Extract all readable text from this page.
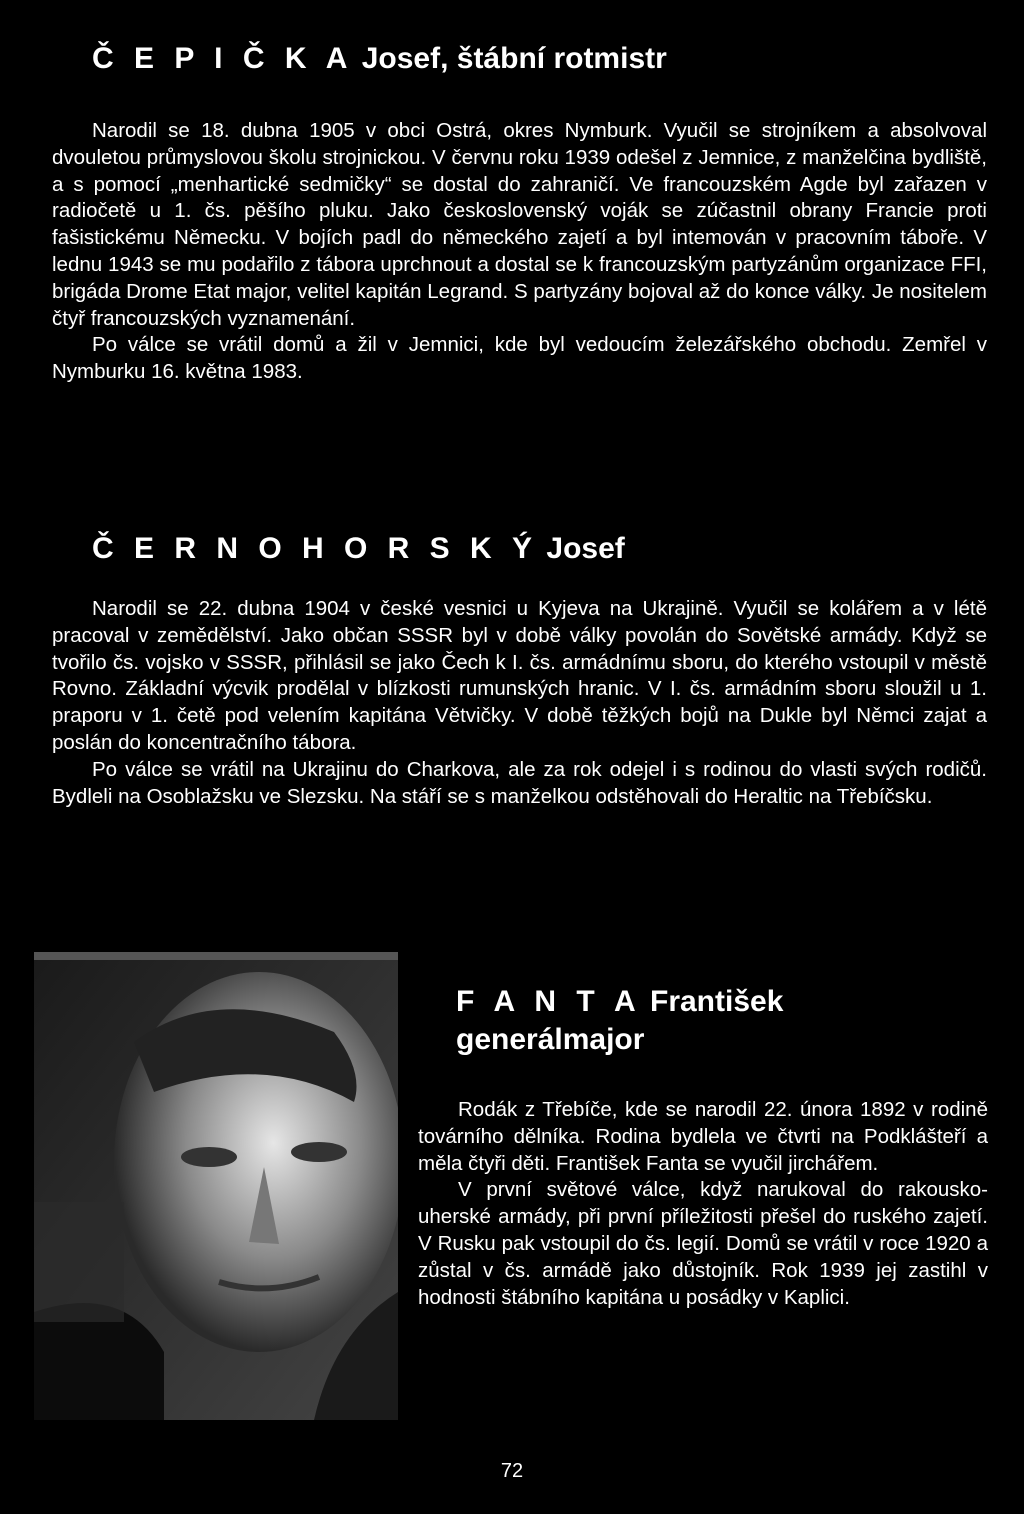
Č E P I Č K A Josef, štábní rotmistr

Narodil se 18. dubna 1905 v obci Ostrá, okres Nymburk. Vyučil se strojníkem a absolvoval dvouletou průmyslovou školu strojnickou. V červnu roku 1939 odešel z Jemnice, z manželčina bydliště, a s pomocí „menhartické sedmičky“ se dostal do zahraničí. Ve francouzském Agde byl zařazen v radiočetě u 1. čs. pěšího pluku. Jako československý voják se zúčastnil obrany Francie proti fašistickému Německu. V bojích padl do německého zajetí a byl intemován v pracovním táboře. V lednu 1943 se mu podařilo z tábora uprchnout a dostal se k francouzským partyzánům organizace FFI, brigáda Drome Etat major, velitel kapitán Legrand. S partyzány bojoval až do konce války. Je nositelem čtyř francouzských vyznamenání.

Po válce se vrátil domů a žil v Jemnici, kde byl vedoucím železářského obchodu. Zemřel v Nymburku 16. května 1983.

Č E R N O H O R S K Ý Josef

Narodil se 22. dubna 1904 v české vesnici u Kyjeva na Ukrajině. Vyučil se kolářem a v létě pracoval v zemědělství. Jako občan SSSR byl v době války povolán do Sovětské armády. Když se tvořilo čs. vojsko v SSSR, přihlásil se jako Čech k I. čs. armádnímu sboru, do kterého vstoupil v městě Rovno. Základní výcvik prodělal v blízkosti rumunských hranic. V I. čs. armádním sboru sloužil u 1. praporu v 1. četě pod velením kapitána Větvičky. V době těžkých bojů na Dukle byl Němci zajat a poslán do koncentračního tábora.

Po válce se vrátil na Ukrajinu do Charkova, ale za rok odejel i s rodinou do vlasti svých rodičů. Bydleli na Osoblažsku ve Slezsku. Na stáří se s manželkou odstěhovali do Heraltic na Třebíčsku.

F A N T A František
generálmajor

Rodák z Třebíče, kde se narodil 22. února 1892 v rodině továrního dělníka. Rodina bydlela ve čtvrti na Podklášteří a měla čtyři děti. František Fanta se vyučil jirchářem.

V první světové válce, když narukoval do rakousko-uherské armády, při první příležitosti přešel do ruského zajetí. V Rusku pak vstoupil do čs. legií. Domů se vrátil v roce 1920 a zůstal v čs. armádě jako důstojník. Rok 1939 jej zastihl v hodnosti štábního kapitána u posádky v Kaplici.

72
